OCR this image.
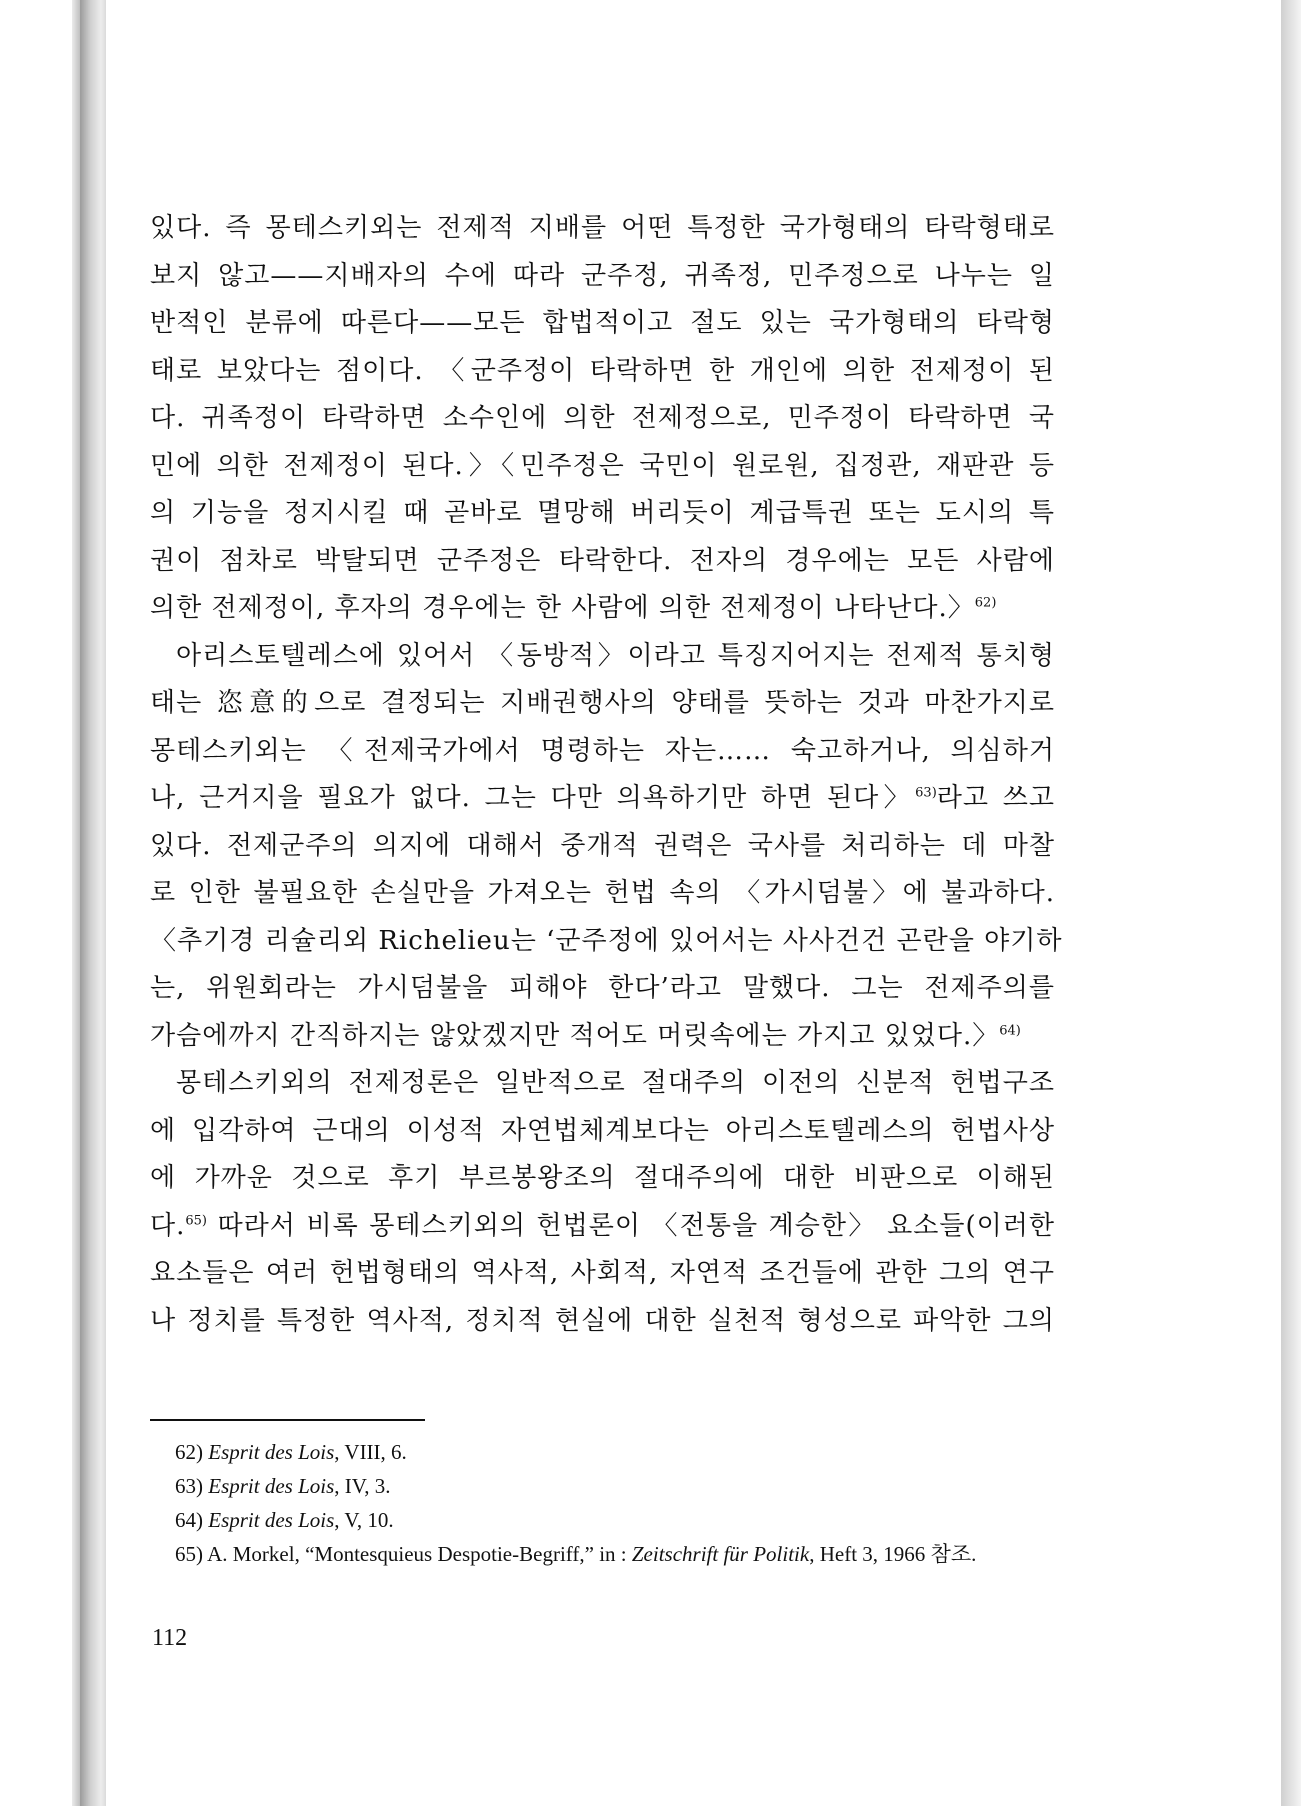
있다. 즉 몽테스키외는 전제적 지배를 어떤 특정한 국가형태의 타락형태로
보지 않고——지배자의 수에 따라 군주정, 귀족정, 민주정으로 나누는 일
반적인 분류에 따른다——모든 합법적이고 절도 있는 국가형태의 타락형
태로 보았다는 점이다. 〈군주정이 타락하면 한 개인에 의한 전제정이 된
다. 귀족정이 타락하면 소수인에 의한 전제정으로, 민주정이 타락하면 국
민에 의한 전제정이 된다.〉〈민주정은 국민이 원로원, 집정관, 재판관 등
의 기능을 정지시킬 때 곧바로 멸망해 버리듯이 계급특권 또는 도시의 특
권이 점차로 박탈되면 군주정은 타락한다. 전자의 경우에는 모든 사람에
의한 전제정이, 후자의 경우에는 한 사람에 의한 전제정이 나타난다.〉$^{62)}$
아리스토텔레스에 있어서 〈동방적〉이라고 특징지어지는 전제적 통치형
태는 恣意的으로 결정되는 지배권행사의 양태를 뜻하는 것과 마찬가지로
몽테스키외는 〈전제국가에서 명령하는 자는…… 숙고하거나, 의심하거
나, 근거지을 필요가 없다. 그는 다만 의욕하기만 하면 된다〉$^{63)}$라고 쓰고
있다. 전제군주의 의지에 대해서 중개적 권력은 국사를 처리하는 데 마찰
로 인한 불필요한 손실만을 가져오는 헌법 속의 〈가시덤불〉에 불과하다.
〈추기경 리슐리외 Richelieu는 ‘군주정에 있어서는 사사건건 곤란을 야기하
는, 위원회라는 가시덤불을 피해야 한다’라고 말했다. 그는 전제주의를
가슴에까지 간직하지는 않았겠지만 적어도 머릿속에는 가지고 있었다.〉$^{64)}$
몽테스키외의 전제정론은 일반적으로 절대주의 이전의 신분적 헌법구조
에 입각하여 근대의 이성적 자연법체계보다는 아리스토텔레스의 헌법사상
에 가까운 것으로 후기 부르봉왕조의 절대주의에 대한 비판으로 이해된
다.$^{65)}$ 따라서 비록 몽테스키외의 헌법론이 〈전통을 계승한〉 요소들(이러한
요소들은 여러 헌법형태의 역사적, 사회적, 자연적 조건들에 관한 그의 연구
나 정치를 특정한 역사적, 정치적 현실에 대한 실천적 형성으로 파악한 그의
62) Esprit des Lois, VIII, 6.
63) Esprit des Lois, IV, 3.
64) Esprit des Lois, V, 10.
65) A. Morkel, “Montesquieus Despotie-Begriff,” in : Zeitschrift für Politik, Heft 3, 1966 참조.
112
